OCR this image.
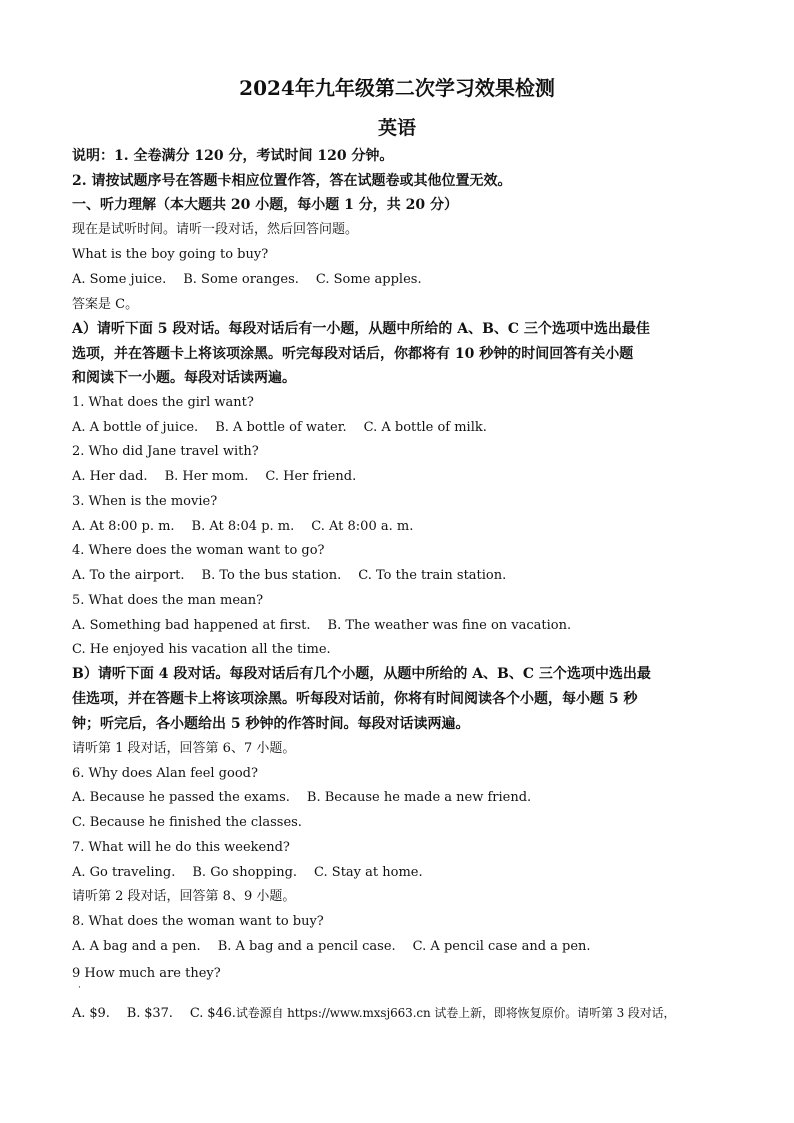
2024年九年级第二次学习效果检测
英语
说明：1. 全卷满分 120 分，考试时间 120 分钟。
2. 请按试题序号在答题卡相应位置作答，答在试题卷或其他位置无效。
一、听力理解（本大题共 20 小题，每小题 1 分，共 20 分）
现在是试听时间。请听一段对话，然后回答问题。
What is the boy going to buy?
A. Some juice. B. Some oranges. C. Some apples.
答案是 C。
A）请听下面 5 段对话。每段对话后有一小题，从题中所给的 A、B、C 三个选项中选出最佳
选项，并在答题卡上将该项涂黑。听完每段对话后，你都将有 10 秒钟的时间回答有关小题
和阅读下一小题。每段对话读两遍。
1. What does the girl want?
A. A bottle of juice. B. A bottle of water. C. A bottle of milk.
2. Who did Jane travel with?
A. Her dad. B. Her mom. C. Her friend.
3. When is the movie?
A. At 8:00 p. m. B. At 8:04 p. m. C. At 8:00 a. m.
4. Where does the woman want to go?
A. To the airport. B. To the bus station. C. To the train station.
5. What does the man mean?
A. Something bad happened at first. B. The weather was fine on vacation.
C. He enjoyed his vacation all the time.
B）请听下面 4 段对话。每段对话后有几个小题，从题中所给的 A、B、C 三个选项中选出最
佳选项，并在答题卡上将该项涂黑。听每段对话前，你将有时间阅读各个小题，每小题 5 秒
钟；听完后，各小题给出 5 秒钟的作答时间。每段对话读两遍。
请听第 1 段对话，回答第 6、7 小题。
6. Why does Alan feel good?
A. Because he passed the exams. B. Because he made a new friend.
C. Because he finished the classes.
7. What will he do this weekend?
A. Go traveling. B. Go shopping. C. Stay at home.
请听第 2 段对话，回答第 8、9 小题。
8. What does the woman want to buy?
A. A bag and a pen. B. A bag and a pencil case. C. A pencil case and a pen.
9 How much are they?
·
A. $9. B. $37. C. $46.试卷源自 https://www.mxsj663.cn 试卷上新，即将恢复原价。请听第 3 段对话，
